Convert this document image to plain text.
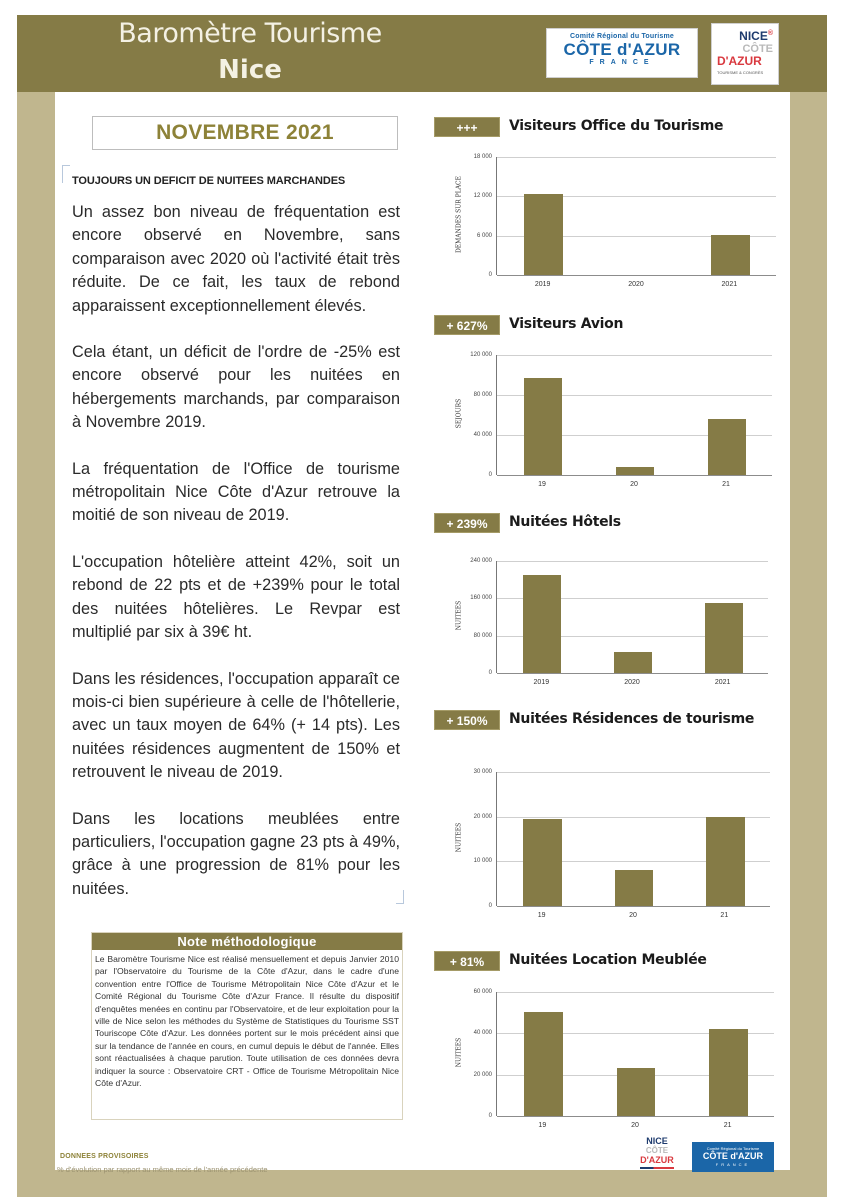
Baromètre Tourisme
Nice
Comité Régional du Tourisme
CÔTE d'AZUR
FRANCE
NICE®
CÔTE
D'AZUR
TOURISME & CONGRÈS
NOVEMBRE 2021
TOUJOURS UN DEFICIT DE NUITEES MARCHANDES

Un assez bon niveau de fréquentation est encore observé en Novembre, sans comparaison avec 2020 où l'activité était très réduite. De ce fait, les taux de rebond apparaissent exceptionnellement élevés.

Cela étant, un déficit de l'ordre de -25% est encore observé pour les nuitées en hébergements marchands, par comparaison à Novembre 2019.

La fréquentation de l'Office de tourisme métropolitain Nice Côte d'Azur retrouve la moitié de son niveau de 2019.

L'occupation hôtelière atteint 42%, soit un rebond de 22 pts et de +239% pour le total des nuitées hôtelières. Le Revpar est multiplié par six à 39€ ht.

Dans les résidences, l'occupation apparaît ce mois-ci bien supérieure à celle de l'hôtellerie, avec un taux moyen de 64% (+ 14 pts). Les nuitées résidences augmentent de 150% et retrouvent le niveau de 2019.

Dans les locations meublées entre particuliers, l'occupation gagne 23 pts à 49%, grâce à une progression de 81% pour les nuitées.

Note méthodologique
Le Baromètre Tourisme Nice est réalisé mensuellement et depuis Janvier 2010 par l'Observatoire du Tourisme de la Côte d'Azur, dans le cadre d'une convention entre l'Office de Tourisme Métropolitain Nice Côte d'Azur et le Comité Régional du Tourisme Côte d'Azur France. Il résulte du dispositif d'enquêtes menées en continu par l'Observatoire, et de leur exploitation pour la ville de Nice selon les méthodes du Système de Statistiques du Tourisme SST Touriscope Côte d'Azur. Les données portent sur le mois précédent ainsi que sur la tendance de l'année en cours, en cumul depuis le début de l'année. Elles sont réactualisées à chaque parution. Toute utilisation de ces données devra indiquer la source : Observatoire CRT - Office de Tourisme Métropolitain Nice Côte d'Azur.
DONNEES PROVISOIRES
% d'évolution par rapport au même mois de l'année précédente
+++	Visiteurs Office du Tourisme
DEMANDES SUR PLACE
0
6 000
12 000
18 000
2019	2020	2021
+ 627%	Visiteurs Avion
SEJOURS
0
40 000
80 000
120 000
19	20	21
+ 239%	Nuitées Hôtels
NUITEES
0
80 000
160 000
240 000
2019	2020	2021
+ 150%	Nuitées Résidences de tourisme
NUITEES
0
10 000
20 000
30 000
19	20	21
+ 81%	Nuitées Location Meublée
NUITEES
0
20 000
40 000
60 000
19	20	21
NICE
CÔTE
D'AZUR
Comité Régional du Tourisme
CÔTE d'AZUR
FRANCE
